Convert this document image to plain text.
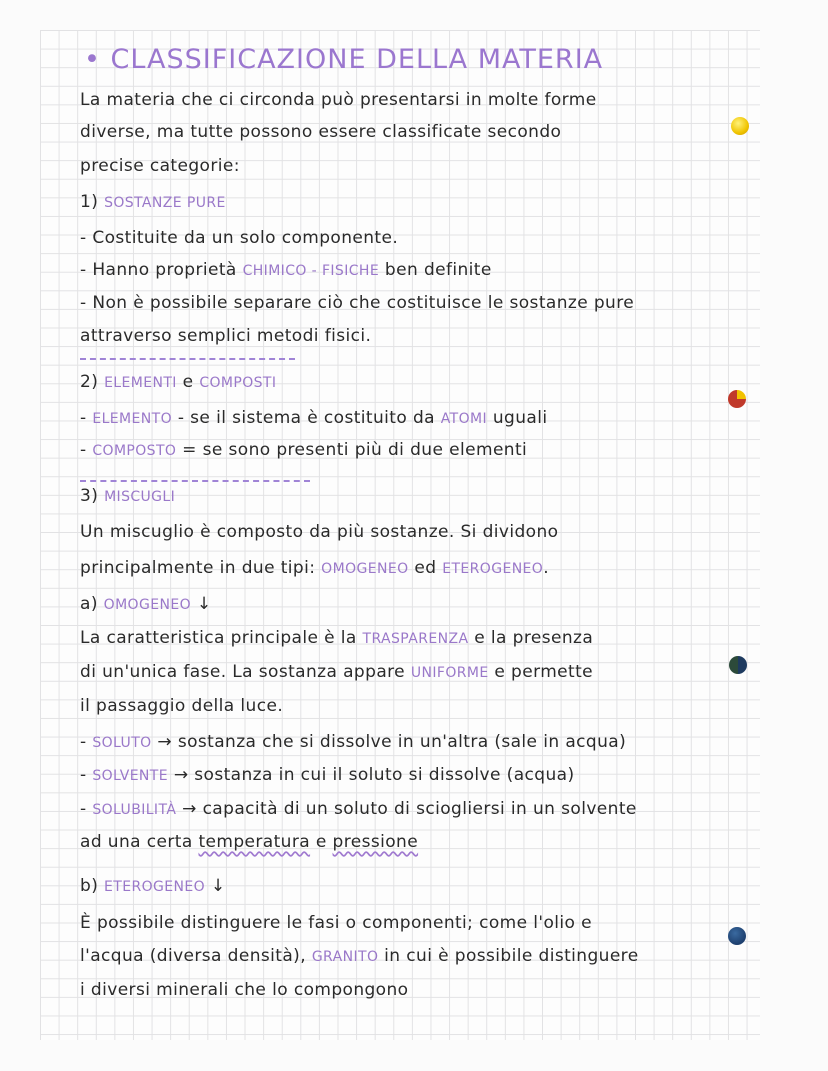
• CLASSIFICAZIONE DELLA MATERIA
La materia che ci circonda può presentarsi in molte forme
diverse, ma tutte possono essere classificate secondo
precise categorie:
1) SOSTANZE PURE
- Costituite da un solo componente.
- Hanno proprietà CHIMICO - FISICHE ben definite
- Non è possibile separare ciò che costituisce le sostanze pure
attraverso semplici metodi fisici.
2) ELEMENTI e COMPOSTI
- ELEMENTO - se il sistema è costituito da ATOMI uguali
- COMPOSTO = se sono presenti più di due elementi
3) MISCUGLI
Un miscuglio è composto da più sostanze. Si dividono
principalmente in due tipi: OMOGENEO ed ETEROGENEO.
a) OMOGENEO ↓
La caratteristica principale è la TRASPARENZA e la presenza
di un'unica fase. La sostanza appare UNIFORME e permette
il passaggio della luce.
- SOLUTO → sostanza che si dissolve in un'altra (sale in acqua)
- SOLVENTE → sostanza in cui il soluto si dissolve (acqua)
- SOLUBILITÀ → capacità di un soluto di sciogliersi in un solvente
ad una certa temperatura e pressione
b) ETEROGENEO ↓
È possibile distinguere le fasi o componenti; come l'olio e
l'acqua (diversa densità), GRANITO in cui è possibile distinguere
i diversi minerali che lo compongono
